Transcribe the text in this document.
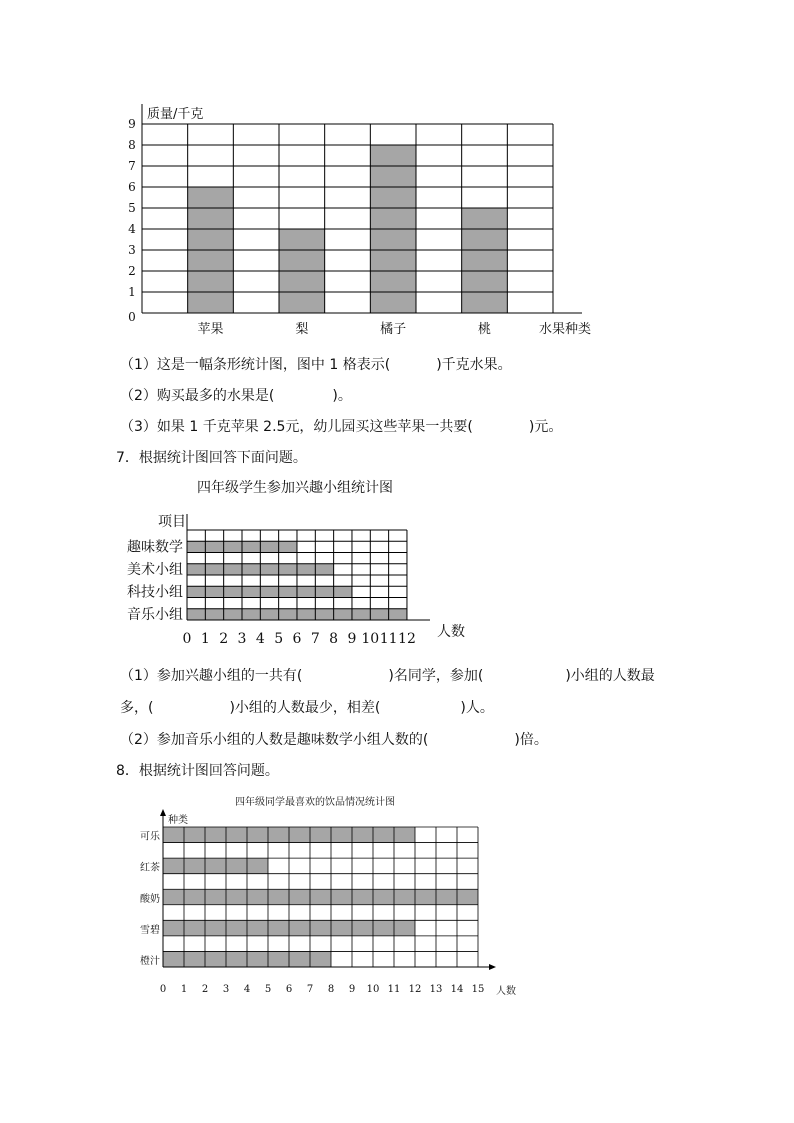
0
1
2
3
4
5
6
7
8
9
质量/千克
苹果	梨	橘子	桃	水果种类
（1）这是一幅条形统计图，图中 1 格表示(	)千克水果。
（2）购买最多的水果是(	)。
（3）如果 1 千克苹果 2.5元，幼儿园买这些苹果一共要(	)元。
7．根据统计图回答下面问题。
四年级学生参加兴趣小组统计图
项目
趣味数学
美术小组
科技小组
音乐小组
0 1 2 3 4 5 6 7 8 9 10 11 12 人数
（1）参加兴趣小组的一共有(	)名同学，参加(	)小组的人数最
多，(	)小组的人数最少，相差(	)人。
（2）参加音乐小组的人数是趣味数学小组人数的(	)倍。
8．根据统计图回答问题。
四年级同学最喜欢的饮品情况统计图
种类
可乐
红茶
酸奶
雪碧
橙汁
0 1 2 3 4 5 6 7 8 9 10 11 12 13 14 15 人数
